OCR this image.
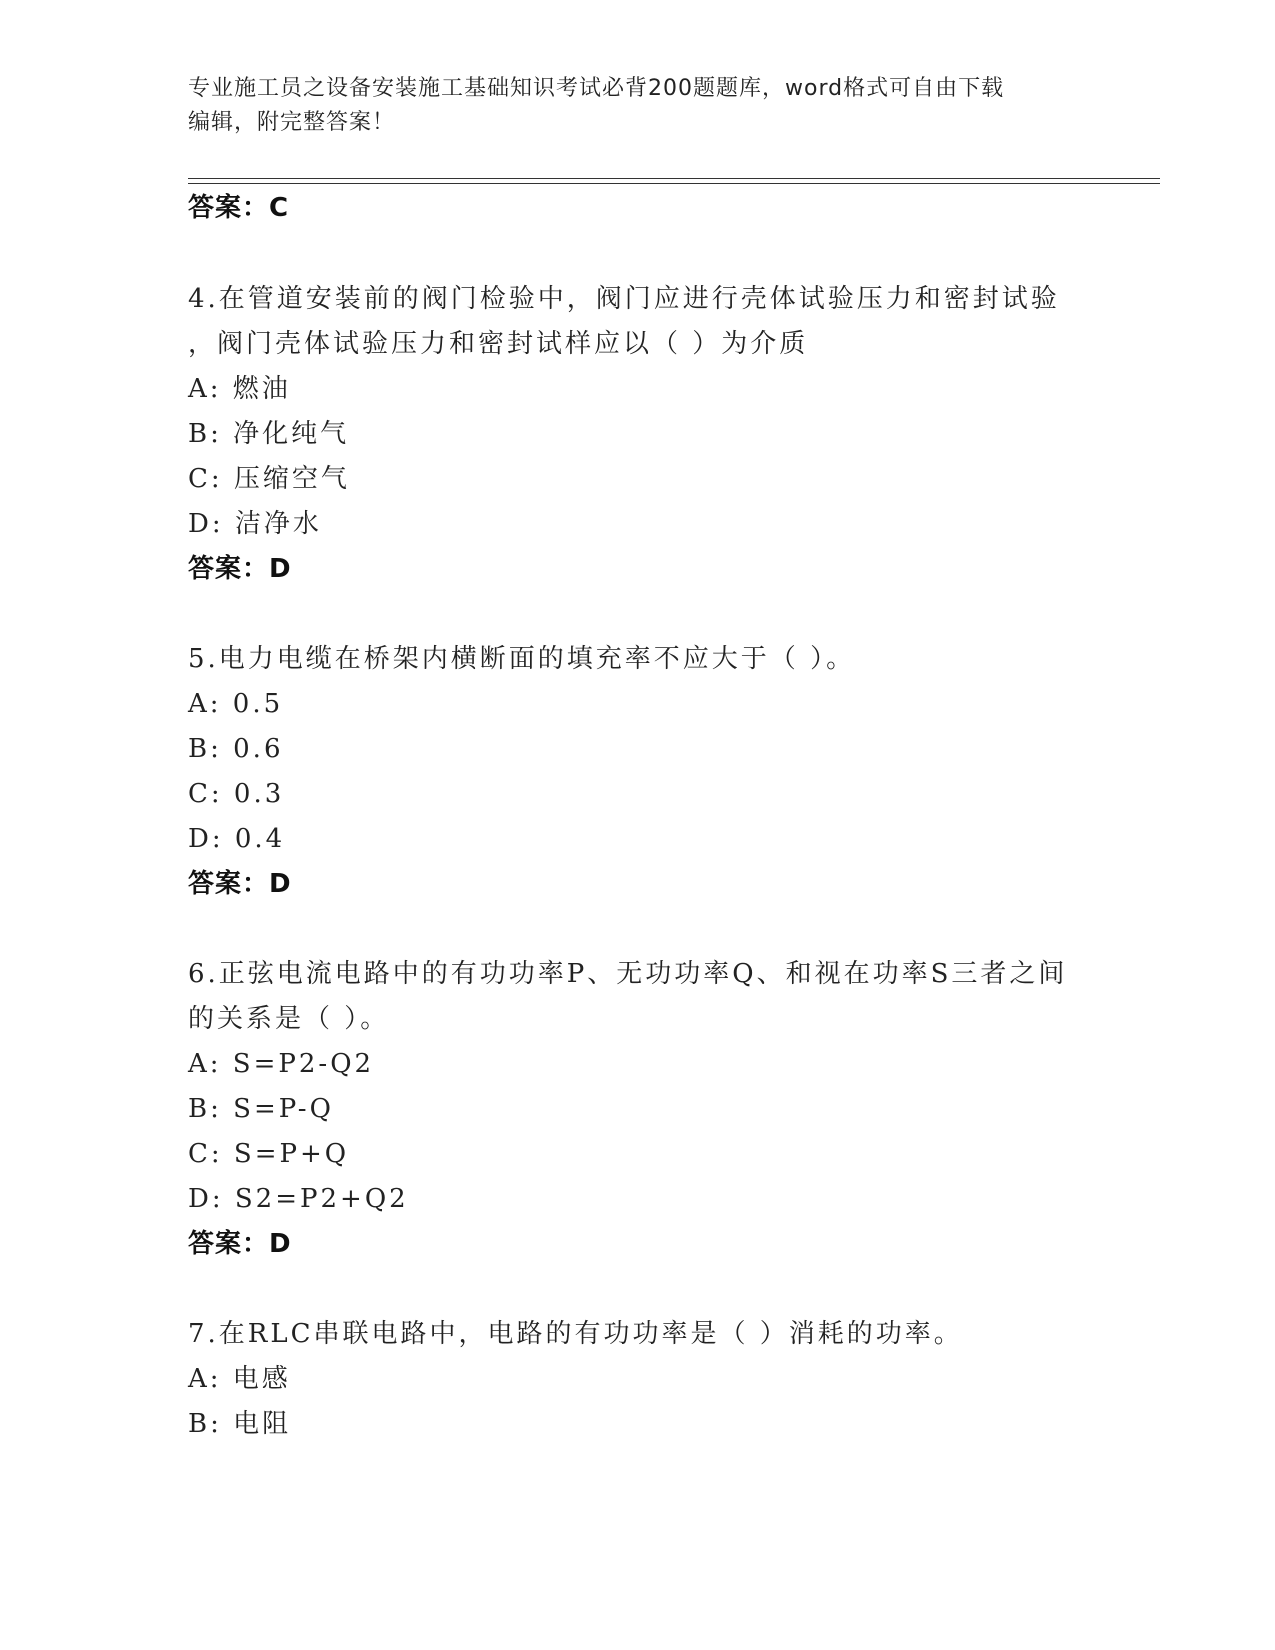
专业施工员之设备安装施工基础知识考试必背200题题库，word格式可自由下载
编辑，附完整答案！
答案：C
4.在管道安装前的阀门检验中，阀门应进行壳体试验压力和密封试验
，阀门壳体试验压力和密封试样应以（ ）为介质
A: 燃油
B: 净化纯气
C: 压缩空气
D: 洁净水
答案：D
5.电力电缆在桥架内横断面的填充率不应大于（ ）。
A: 0.5
B: 0.6
C: 0.3
D: 0.4
答案：D
6.正弦电流电路中的有功功率P、无功功率Q、和视在功率S三者之间
的关系是（ ）。
A: S=P2-Q2
B: S=P-Q
C: S=P+Q
D: S2=P2+Q2
答案：D
7.在RLC串联电路中，电路的有功功率是（ ）消耗的功率。
A: 电感
B: 电阻
